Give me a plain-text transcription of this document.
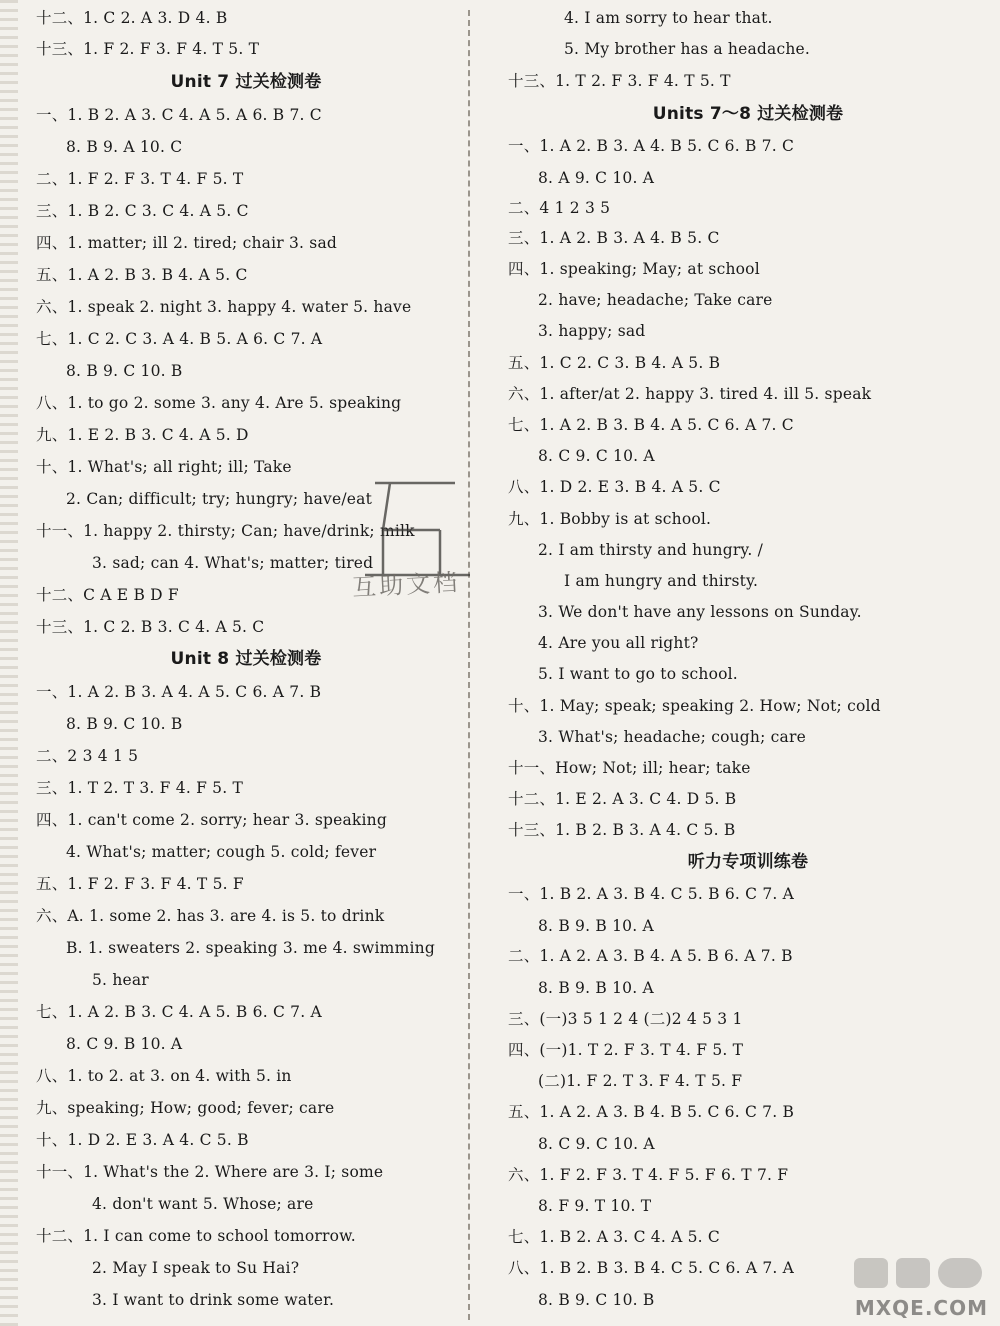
十二、1. C 2. A 3. D 4. B
十三、1. F 2. F 3. F 4. T 5. T
Unit 7 过关检测卷
一、1. B 2. A 3. C 4. A 5. A 6. B 7. C
8. B 9. A 10. C
二、1. F 2. F 3. T 4. F 5. T
三、1. B 2. C 3. C 4. A 5. C
四、1. matter; ill 2. tired; chair 3. sad
五、1. A 2. B 3. B 4. A 5. C
六、1. speak 2. night 3. happy 4. water 5. have
七、1. C 2. C 3. A 4. B 5. A 6. C 7. A
8. B 9. C 10. B
八、1. to go 2. some 3. any 4. Are 5. speaking
九、1. E 2. B 3. C 4. A 5. D
十、1. What's; all right; ill; Take
2. Can; difficult; try; hungry; have/eat
十一、1. happy 2. thirsty; Can; have/drink; milk
3. sad; can 4. What's; matter; tired
十二、C A E B D F
十三、1. C 2. B 3. C 4. A 5. C
Unit 8 过关检测卷
一、1. A 2. B 3. A 4. A 5. C 6. A 7. B
8. B 9. C 10. B
二、2 3 4 1 5
三、1. T 2. T 3. F 4. F 5. T
四、1. can't come 2. sorry; hear 3. speaking
4. What's; matter; cough 5. cold; fever
五、1. F 2. F 3. F 4. T 5. F
六、A. 1. some 2. has 3. are 4. is 5. to drink
B. 1. sweaters 2. speaking 3. me 4. swimming
5. hear
七、1. A 2. B 3. C 4. A 5. B 6. C 7. A
8. C 9. B 10. A
八、1. to 2. at 3. on 4. with 5. in
九、speaking; How; good; fever; care
十、1. D 2. E 3. A 4. C 5. B
十一、1. What's the 2. Where are 3. I; some
4. don't want 5. Whose; are
十二、1. I can come to school tomorrow.
2. May I speak to Su Hai?
3. I want to drink some water.
4. I am sorry to hear that.
5. My brother has a headache.
十三、1. T 2. F 3. F 4. T 5. T
Units 7～8 过关检测卷
一、1. A 2. B 3. A 4. B 5. C 6. B 7. C
8. A 9. C 10. A
二、4 1 2 3 5
三、1. A 2. B 3. A 4. B 5. C
四、1. speaking; May; at school
2. have; headache; Take care
3. happy; sad
五、1. C 2. C 3. B 4. A 5. B
六、1. after/at 2. happy 3. tired 4. ill 5. speak
七、1. A 2. B 3. B 4. A 5. C 6. A 7. C
8. C 9. C 10. A
八、1. D 2. E 3. B 4. A 5. C
九、1. Bobby is at school.
2. I am thirsty and hungry. /
I am hungry and thirsty.
3. We don't have any lessons on Sunday.
4. Are you all right?
5. I want to go to school.
十、1. May; speak; speaking 2. How; Not; cold
3. What's; headache; cough; care
十一、How; Not; ill; hear; take
十二、1. E 2. A 3. C 4. D 5. B
十三、1. B 2. B 3. A 4. C 5. B
听力专项训练卷
一、1. B 2. A 3. B 4. C 5. B 6. C 7. A
8. B 9. B 10. A
二、1. A 2. A 3. B 4. A 5. B 6. A 7. B
8. B 9. B 10. A
三、(一)3 5 1 2 4 (二)2 4 5 3 1
四、(一)1. T 2. F 3. T 4. F 5. T
(二)1. F 2. T 3. F 4. T 5. F
五、1. A 2. A 3. B 4. B 5. C 6. C 7. B
8. C 9. C 10. A
六、1. F 2. F 3. T 4. F 5. F 6. T 7. F
8. F 9. T 10. T
七、1. B 2. A 3. C 4. A 5. C
八、1. B 2. B 3. B 4. C 5. C 6. A 7. A
8. B 9. C 10. B
互助文档
MXQE.COM
